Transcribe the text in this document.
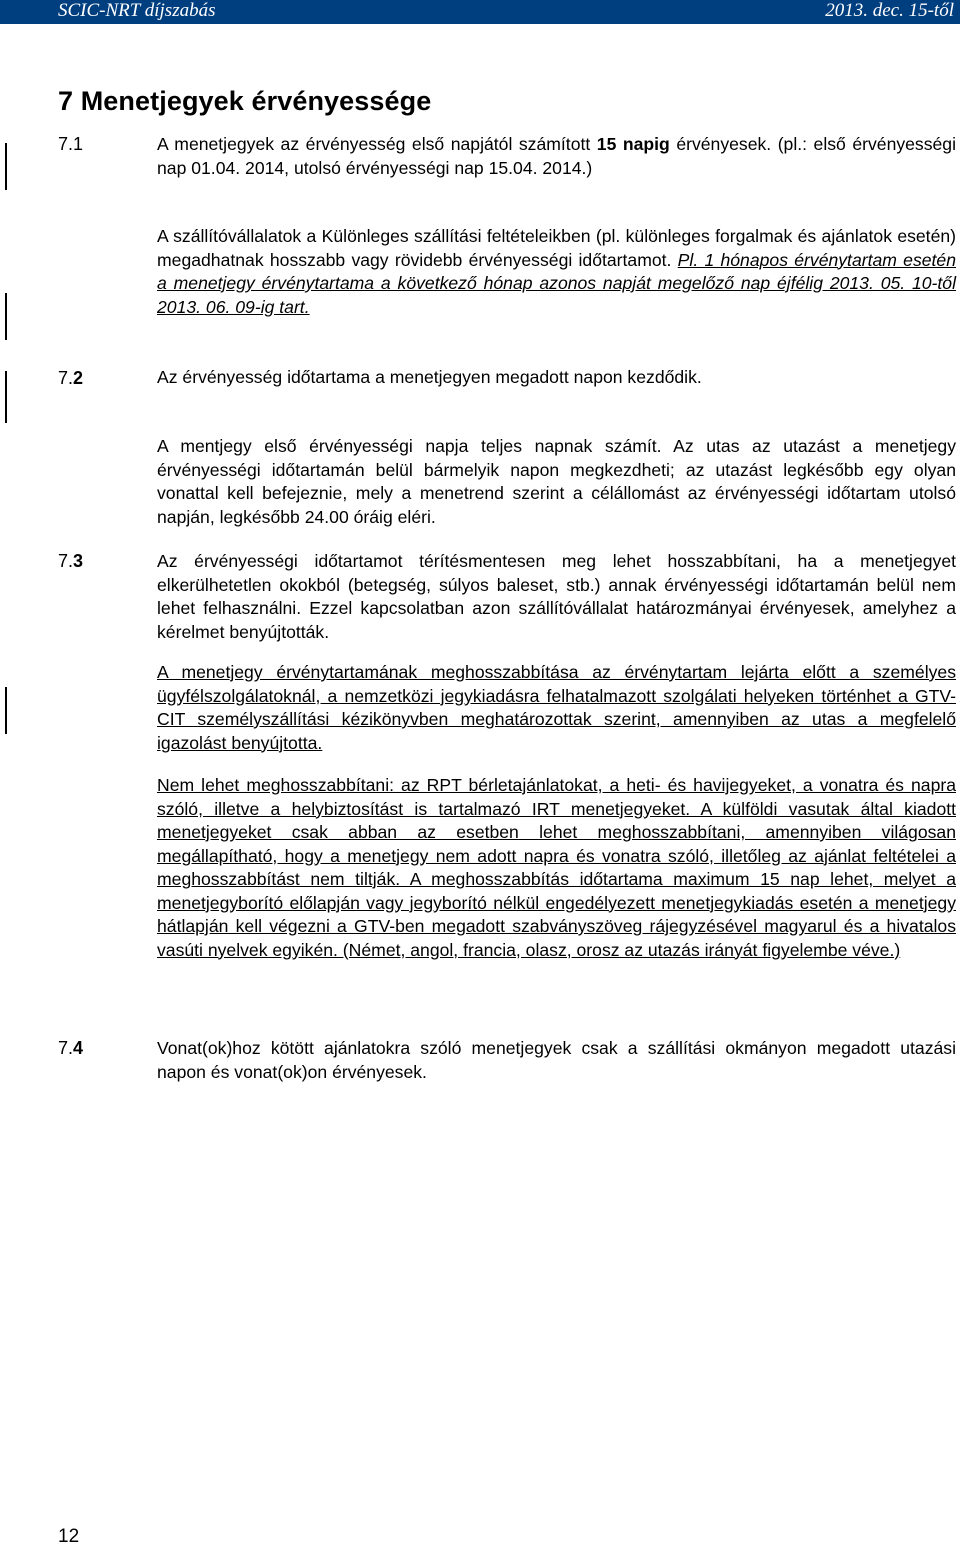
SCIC-NRT díjszabás	2013. dec. 15-től
7 Menetjegyek érvényessége
7.1	A menetjegyek az érvényesség első napjától számított 15 napig érvényesek. (pl.: első érvényességi nap 01.04. 2014, utolsó érvényességi nap 15.04. 2014.)
A szállítóvállalatok a Különleges szállítási feltételeikben (pl. különleges forgalmak és ajánlatok esetén) megadhatnak hosszabb vagy rövidebb érvényességi időtartamot. Pl. 1 hónapos érvénytartam esetén a menetjegy érvénytartama a következő hónap azonos napját megelőző nap éjfélig 2013. 05. 10-től 2013. 06. 09-ig tart.
7.2	Az érvényesség időtartama a menetjegyen megadott napon kezdődik.
A mentjegy első érvényességi napja teljes napnak számít. Az utas az utazást a menetjegy érvényességi időtartamán belül bármelyik napon megkezdheti; az utazást legkésőbb egy olyan vonattal kell befejeznie, mely a menetrend szerint a célállomást az érvényességi időtartam utolsó napján, legkésőbb 24.00 óráig eléri.
7.3	Az érvényességi időtartamot térítésmentesen meg lehet hosszabbítani, ha a menetjegyet elkerülhetetlen okokból (betegség, súlyos baleset, stb.) annak érvényességi időtartamán belül nem lehet felhasználni. Ezzel kapcsolatban azon szállítóvállalat határozmányai érvényesek, amelyhez a kérelmet benyújtották.
A menetjegy érvénytartamának meghosszabbítása az érvénytartam lejárta előtt a személyes ügyfélszolgálatoknál, a nemzetközi jegykiadásra felhatalmazott szolgálati helyeken történhet a GTV-CIT személyszállítási kézikönyvben meghatározottak szerint, amennyiben az utas a megfelelő igazolást benyújtotta.
Nem lehet meghosszabbítani: az RPT bérletajánlatokat, a heti- és havijegyeket, a vonatra és napra szóló, illetve a helybiztosítást is tartalmazó IRT menetjegyeket. A külföldi vasutak által kiadott menetjegyeket csak abban az esetben lehet meghosszabbítani, amennyiben világosan megállapítható, hogy a menetjegy nem adott napra és vonatra szóló, illetőleg az ajánlat feltételei a meghosszabbítást nem tiltják. A meghosszabbítás időtartama maximum 15 nap lehet, melyet a menetjegyborító előlapján vagy jegyborító nélkül engedélyezett menetjegykiadás esetén a menetjegy hátlapján kell végezni a GTV-ben megadott szabványszöveg rájegyzésével magyarul és a hivatalos vasúti nyelvek egyikén. (Német, angol, francia, olasz, orosz az utazás irányát figyelembe véve.)
7.4	Vonat(ok)hoz kötött ajánlatokra szóló menetjegyek csak a szállítási okmányon megadott utazási napon és vonat(ok)on érvényesek.
12
